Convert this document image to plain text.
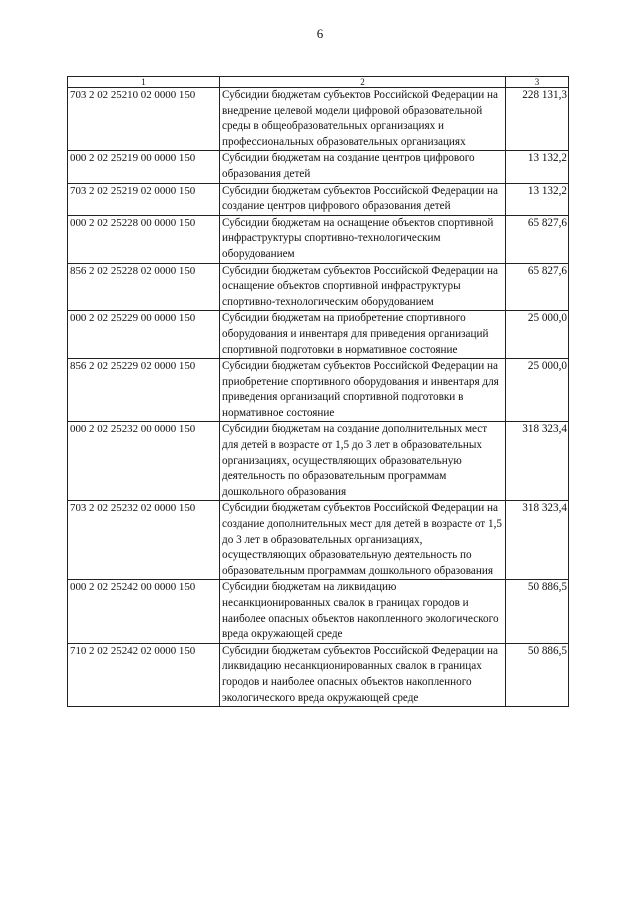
6
1	2	3
703 2 02 25210 02 0000 150	Субсидии бюджетам субъектов Российской Федерации на внедрение целевой модели цифровой образовательной среды в общеобразовательных организациях и профессиональных образовательных организациях	228 131,3
000 2 02 25219 00 0000 150	Субсидии бюджетам на создание центров цифрового образования детей	13 132,2
703 2 02 25219 02 0000 150	Субсидии бюджетам субъектов Российской Федерации на создание центров цифрового образования детей	13 132,2
000 2 02 25228 00 0000 150	Субсидии бюджетам на оснащение объектов спортивной инфраструктуры спортивно-технологическим оборудованием	65 827,6
856 2 02 25228 02 0000 150	Субсидии бюджетам субъектов Российской Федерации на оснащение объектов спортивной инфраструктуры спортивно-технологическим оборудованием	65 827,6
000 2 02 25229 00 0000 150	Субсидии бюджетам на приобретение спортивного оборудования и инвентаря для приведения организаций спортивной подготовки в нормативное состояние	25 000,0
856 2 02 25229 02 0000 150	Субсидии бюджетам субъектов Российской Федерации на приобретение спортивного оборудования и инвентаря для приведения организаций спортивной подготовки в нормативное состояние	25 000,0
000 2 02 25232 00 0000 150	Субсидии бюджетам на создание дополнительных мест для детей в возрасте от 1,5 до 3 лет в образовательных организациях, осуществляющих образовательную деятельность по образовательным программам дошкольного образования	318 323,4
703 2 02 25232 02 0000 150	Субсидии бюджетам субъектов Российской Федерации на создание дополнительных мест для детей в возрасте от 1,5 до 3 лет в образовательных организациях, осуществляющих образовательную деятельность по образовательным программам дошкольного образования	318 323,4
000 2 02 25242 00 0000 150	Субсидии бюджетам на ликвидацию несанкционированных свалок в границах городов и наиболее опасных объектов накопленного экологического вреда окружающей среде	50 886,5
710 2 02 25242 02 0000 150	Субсидии бюджетам субъектов Российской Федерации на ликвидацию несанкционированных свалок в границах городов и наиболее опасных объектов накопленного экологического вреда окружающей среде	50 886,5
